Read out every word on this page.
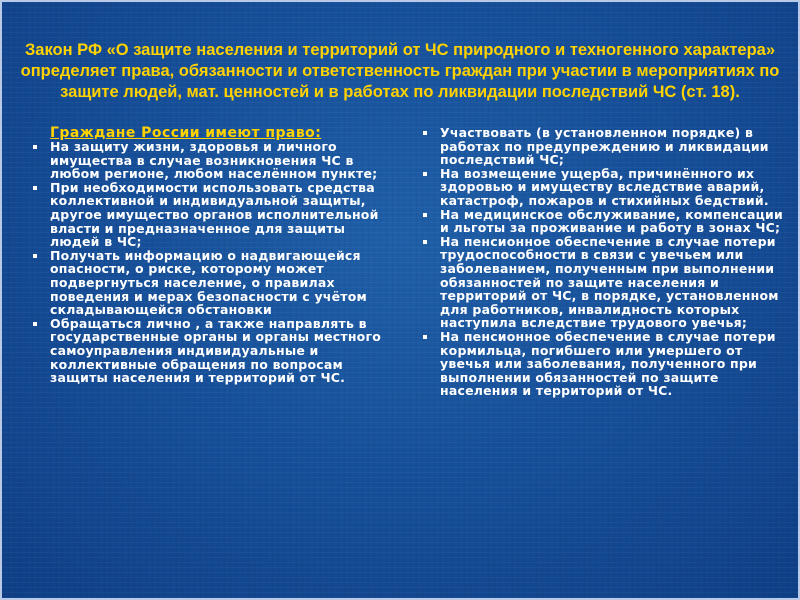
Закон РФ «О защите населения и территорий от ЧС природного и техногенного характера» определяет права, обязанности и ответственность граждан при участии в мероприятиях по защите людей, мат. ценностей и в работах по ликвидации последствий ЧС (ст. 18).
Граждане России имеют право:
На защиту жизни, здоровья и личного имущества в случае возникновения ЧС в любом регионе, любом населённом пункте;
При необходимости использовать средства коллективной и индивидуальной защиты, другое имущество органов исполнительной власти и предназначенное для защиты людей в ЧС;
Получать информацию о надвигающейся опасности, о риске, которому может подвергнуться население, о правилах поведения и мерах безопасности с учётом складывающейся обстановки
Обращаться лично , а также направлять в государственные органы и органы местного самоуправления индивидуальные и коллективные обращения по вопросам защиты населения и территорий от ЧС.
Участвовать (в установленном порядке) в работах по предупреждению и ликвидации последствий ЧС;
На возмещение ущерба, причинённого их здоровью и имуществу вследствие аварий, катастроф, пожаров и стихийных бедствий.
На медицинское обслуживание, компенсации и льготы за проживание и работу в зонах ЧС;
На пенсионное обеспечение в случае потери трудоспособности в связи с увечьем или заболеванием, полученным при выполнении обязанностей по защите населения и территорий от ЧС, в порядке, установленном для работников, инвалидность которых наступила вследствие трудового увечья;
На пенсионное обеспечение в случае потери кормильца, погибшего или умершего от увечья или заболевания, полученного при выполнении обязанностей по защите населения и территорий от ЧС.
